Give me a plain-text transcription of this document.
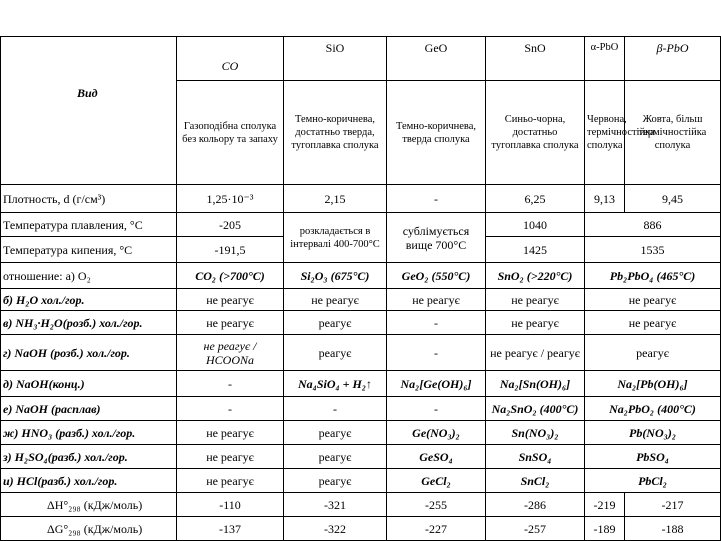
Вид	CO	SiO	GeO	SnO	α-PbO	β-PbO
	Газоподібна сполука без кольору та запаху	Темно-коричнева, достатньо тверда, тугоплавка сполука	Темно-коричнева, тверда сполука	Синьо-чорна, достатньо тугоплавка сполука	Червона, термічностійка сполука	Жовта, більш термічностійка сполука
Плотность, d (г/см³)	1,25·10⁻³	2,15	-	6,25	9,13	9,45
Температура плавления, °С	-205	розкладається в інтервалі 400-700°С	сублімується вище 700°С	1040	886	
Температура кипения, °С	-191,5			1425	1535	
отношение: а) O₂	CO₂ (>700°C)	Si₂O₃ (675°C)	GeO₂ (550°C)	SnO₂ (>220°C)	Pb₂PbO₄ (465°C)	
б) H₂O хол./гор.	не реагує	не реагує	не реагує	не реагує	не реагує	
в) NH₃·H₂O(розб.) хол./гор.	не реагує	реагує	-	не реагує	не реагує	
г) NaOH (розб.) хол./гор.	не реагує / HCOONa	реагує	-	не реагує / реагує	реагує	
д) NaOH(конц.)	-	Na₄SiO₄ + H₂↑	Na₂[Ge(OH)₆]	Na₂[Sn(OH)₆]	Na₂[Pb(OH)₆]	
е) NaOH (расплав)	-	-	-	Na₂SnO₂ (400°C)	Na₂PbO₂ (400°C)	
ж) HNO₃ (разб.) хол./гор.	не реагує	реагує	Ge(NO₃)₂	Sn(NO₃)₂	Pb(NO₃)₂	
з) H₂SO₄(разб.) хол./гор.	не реагує	реагує	GeSO₄	SnSO₄	PbSO₄	
и) HCl(разб.) хол./гор.	не реагує	реагує	GeCl₂	SnCl₂	PbCl₂	
ΔH°₂₉₈ (кДж/моль)	-110	-321	-255	-286	-219	-217
ΔG°₂₉₈ (кДж/моль)	-137	-322	-227	-257	-189	-188
